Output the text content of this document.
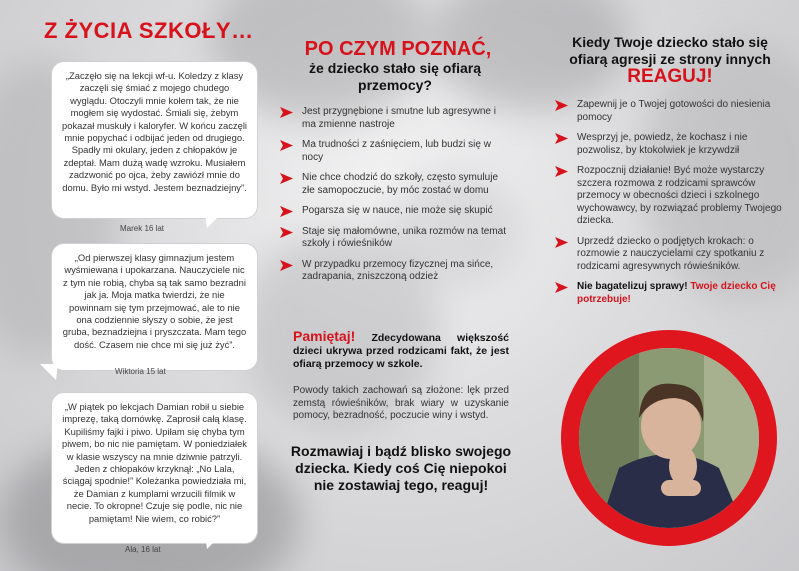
Z ŻYCIA SZKOŁY…
„Zaczęło się na lekcji wf-u. Koledzy z klasy zaczęli się śmiać z mojego chudego wyglądu. Otoczyli mnie kołem tak, że nie mogłem się wydostać. Śmiali się, żebym pokazał muskuły i kaloryfer. W końcu zaczęli mnie popychać i odbijać jeden od drugiego. Spadły mi okulary, jeden z chłopaków je zdeptał. Mam dużą wadę wzroku. Musiałem zadzwonić po ojca, żeby zawiózł mnie do domu. Było mi wstyd. Jestem beznadziejny”.
Marek 16 lat
„Od pierwszej klasy gimnazjum jestem wyśmiewana i upokarzana. Nauczyciele nic z tym nie robią, chyba są tak samo bezradni jak ja. Moja matka twierdzi, że nie powinnam się tym przejmować, ale to nie ona codziennie słyszy o sobie, że jest gruba, beznadziejna i pryszczata. Mam tego dość. Czasem nie chce mi się już żyć”.
Wiktoria 15 lat
„W piątek po lekcjach Damian robił u siebie imprezę, taką domówkę. Zaprosił całą klasę. Kupiliśmy fajki i piwo. Upiłam się chyba tym piwem, bo nic nie pamiętam. W poniedziałek w klasie wszyscy na mnie dziwnie patrzyli. Jeden z chłopaków krzyknął: „No Lala, ściągaj spodnie!” Koleżanka powiedziała mi, że Damian z kumplami wrzucili filmik w necie. To okropne! Czuje się podle, nic nie pamiętam! Nie wiem, co robić?”
Ala, 16 lat
PO CZYM POZNAĆ,
że dziecko stało się ofiarą przemocy?
Jest przygnębione i smutne lub agresywne i ma zmienne nastroje
Ma trudności z zaśnięciem, lub budzi się w nocy
Nie chce chodzić do szkoły, często symuluje złe samopoczucie, by móc zostać w domu
Pogarsza się w nauce, nie może się skupić
Staje się małomówne, unika rozmów na temat szkoły i rówieśników
W przypadku przemocy fizycznej ma sińce, zadrapania, zniszczoną odzież
Pamiętaj! Zdecydowana większość dzieci ukrywa przed rodzicami fakt, że jest ofiarą przemocy w szkole.
Powody takich zachowań są złożone: lęk przed zemstą rówieśników, brak wiary w uzyskanie pomocy, bezradność, poczucie winy i wstyd.
Rozmawiaj i bądź blisko swojego dziecka. Kiedy coś Cię niepokoi nie zostawiaj tego, reaguj!
Kiedy Twoje dziecko stało się ofiarą agresji ze strony innych
REAGUJ!
Zapewnij je o Twojej gotowości do niesienia pomocy
Wesprzyj je, powiedz, że kochasz i nie pozwolisz, by ktokolwiek je krzywdził
Rozpocznij działanie! Być może wystarczy szczera rozmowa z rodzicami sprawców przemocy w obecności dzieci i szkolnego wychowawcy, by rozwiązać problemy Twojego dziecka.
Uprzedź dziecko o podjętych krokach: o rozmowie z nauczycielami czy spotkaniu z rodzicami agresywnych rówieśników.
Nie bagatelizuj sprawy! Twoje dziecko Cię potrzebuje!
